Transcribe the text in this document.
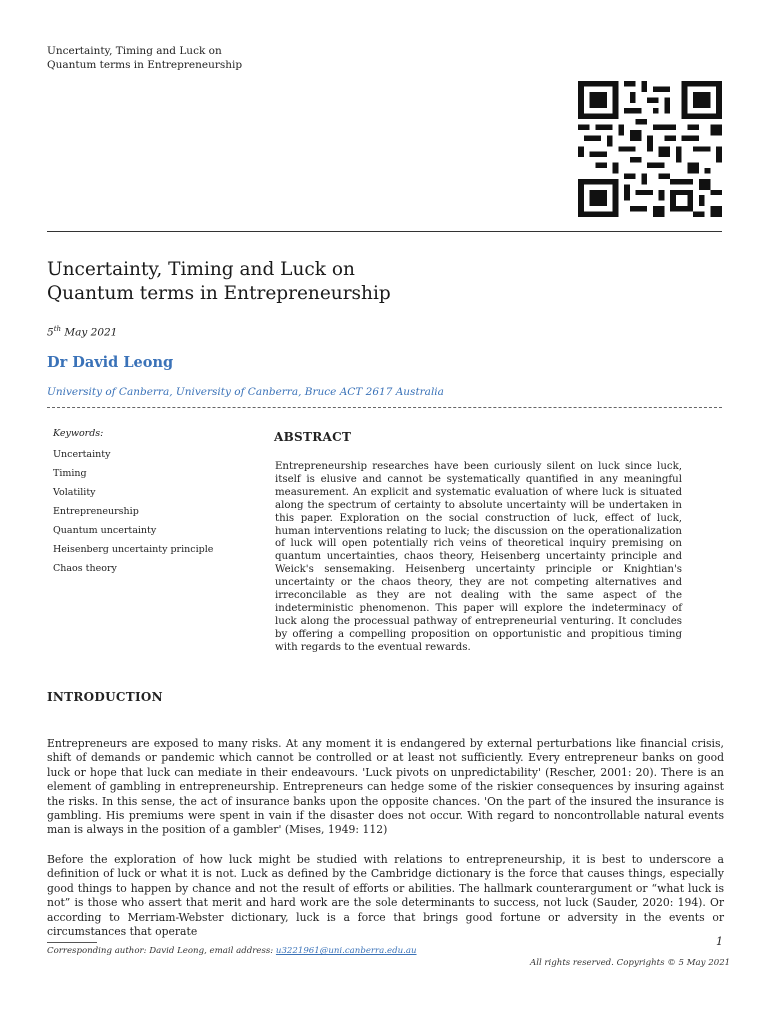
Uncertainty, Timing and Luck on
Quantum terms in Entrepreneurship
Uncertainty, Timing and Luck on
Quantum terms in Entrepreneurship
5th May 2021
Dr David Leong
University of Canberra, University of Canberra, Bruce ACT 2617 Australia
Keywords:
Uncertainty
Timing
Volatility
Entrepreneurship
Quantum uncertainty
Heisenberg uncertainty principle
Chaos theory
ABSTRACT

Entrepreneurship researches have been curiously silent on luck since luck, itself is elusive and cannot be systematically quantified in any meaningful measurement. An explicit and systematic evaluation of where luck is situated along the spectrum of certainty to absolute uncertainty will be undertaken in this paper. Exploration on the social construction of luck, effect of luck, human interventions relating to luck; the discussion on the operationalization of luck will open potentially rich veins of theoretical inquiry premising on quantum uncertainties, chaos theory, Heisenberg uncertainty principle and Weick's sensemaking. Heisenberg uncertainty principle or Knightian's uncertainty or the chaos theory, they are not competing alternatives and irreconcilable as they are not dealing with the same aspect of the indeterministic phenomenon. This paper will explore the indeterminacy of luck along the processual pathway of entrepreneurial venturing. It concludes by offering a compelling proposition on opportunistic and propitious timing with regards to the eventual rewards.

INTRODUCTION

Entrepreneurs are exposed to many risks. At any moment it is endangered by external perturbations like financial crisis, shift of demands or pandemic which cannot be controlled or at least not sufficiently. Every entrepreneur banks on good luck or hope that luck can mediate in their endeavours. 'Luck pivots on unpredictability' (Rescher, 2001: 20). There is an element of gambling in entrepreneurship. Entrepreneurs can hedge some of the riskier consequences by insuring against the risks. In this sense, the act of insurance banks upon the opposite chances. 'On the part of the insured the insurance is gambling. His premiums were spent in vain if the disaster does not occur. With regard to noncontrollable natural events man is always in the position of a gambler' (Mises, 1949: 112)

Before the exploration of how luck might be studied with relations to entrepreneurship, it is best to underscore a definition of luck or what it is not. Luck as defined by the Cambridge dictionary is the force that causes things, especially good things to happen by chance and not the result of efforts or abilities. The hallmark counterargument or “what luck is not” is those who assert that merit and hard work are the sole determinants to success, not luck (Sauder, 2020: 194). Or according to Merriam-Webster dictionary, luck is a force that brings good fortune or adversity in the events or circumstances that operate

1
Corresponding author: David Leong, email address: u3221961@uni.canberra.edu.au
All rights reserved. Copyrights © 5 May 2021
